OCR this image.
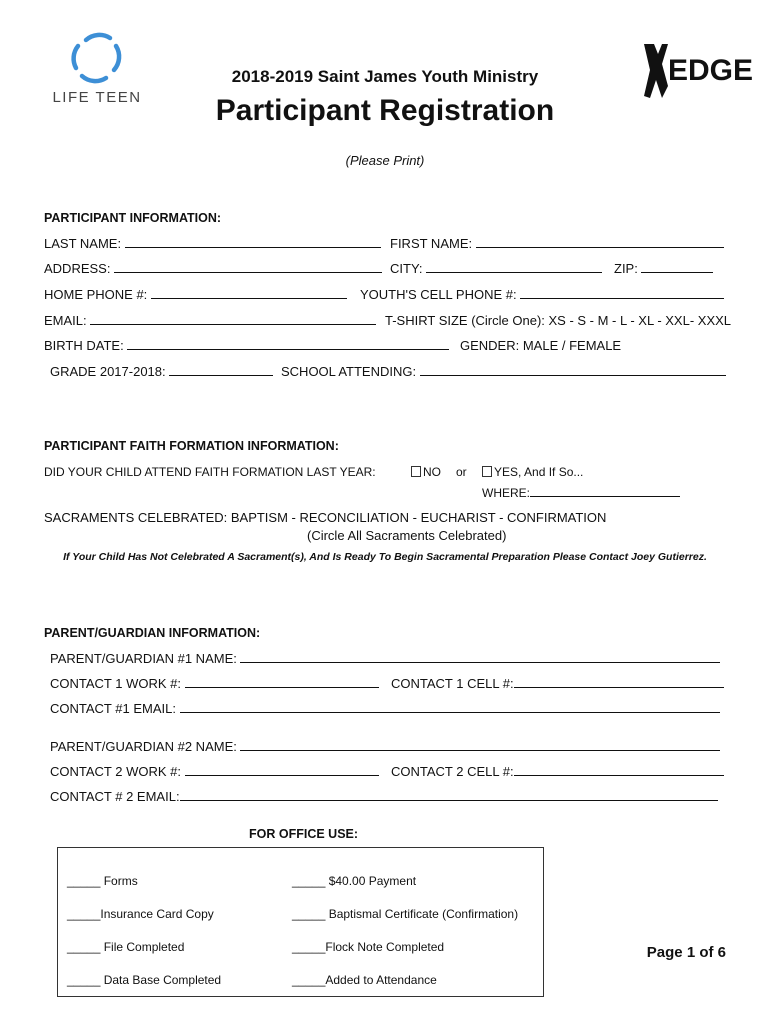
LIFE TEEN
EDGE
2018-2019 Saint James Youth Ministry
Participant Registration
(Please Print)
PARTICIPANT INFORMATION:
LAST NAME:	FIRST NAME:
ADDRESS:	CITY:	ZIP:
HOME PHONE #:	YOUTH'S CELL PHONE #:
EMAIL:	T-SHIRT SIZE (Circle One): XS - S - M - L - XL - XXL- XXXL
BIRTH DATE:	GENDER: MALE / FEMALE
GRADE 2017-2018:	SCHOOL ATTENDING:
PARTICIPANT FAITH FORMATION INFORMATION:
DID YOUR CHILD ATTEND FAITH FORMATION LAST YEAR:	NO or	YES, And If So...
WHERE:
SACRAMENTS CELEBRATED: BAPTISM - RECONCILIATION - EUCHARIST - CONFIRMATION
(Circle All Sacraments Celebrated)
If Your Child Has Not Celebrated A Sacrament(s), And Is Ready To Begin Sacramental Preparation Please Contact Joey Gutierrez.
PARENT/GUARDIAN INFORMATION:
PARENT/GUARDIAN #1 NAME:
CONTACT 1 WORK #:	CONTACT 1 CELL #:
CONTACT #1 EMAIL:
PARENT/GUARDIAN #2 NAME:
CONTACT 2 WORK #:	CONTACT 2 CELL #:
CONTACT # 2 EMAIL:
FOR OFFICE USE:
_____ Forms	_____ $40.00 Payment
_____Insurance Card Copy	_____ Baptismal Certificate (Confirmation)
_____ File Completed	_____Flock Note Completed
_____ Data Base Completed	_____Added to Attendance
Page 1 of 6
